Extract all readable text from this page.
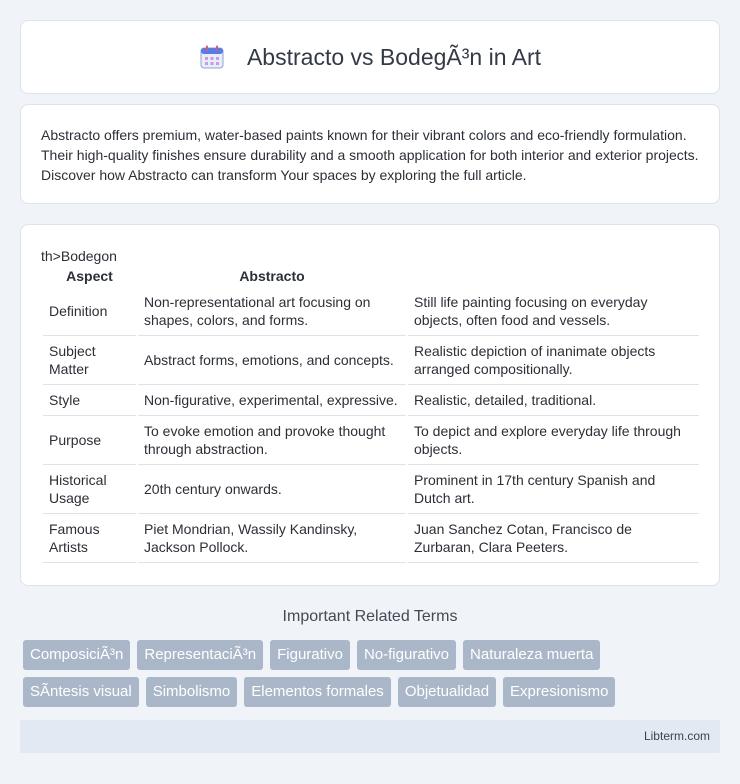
Abstracto vs BodegÃ³n in Art

Abstracto offers premium, water-based paints known for their vibrant colors and eco-friendly formulation. Their high-quality finishes ensure durability and a smooth application for both interior and exterior projects. Discover how Abstracto can transform Your spaces by exploring the full article.

th>Bodegon
Aspect	Abstracto	
Definition	Non-representational art focusing on shapes, colors, and forms.	Still life painting focusing on everyday objects, often food and vessels.
Subject Matter	Abstract forms, emotions, and concepts.	Realistic depiction of inanimate objects arranged compositionally.
Style	Non-figurative, experimental, expressive.	Realistic, detailed, traditional.
Purpose	To evoke emotion and provoke thought through abstraction.	To depict and explore everyday life through objects.
Historical Usage	20th century onwards.	Prominent in 17th century Spanish and Dutch art.
Famous Artists	Piet Mondrian, Wassily Kandinsky, Jackson Pollock.	Juan Sanchez Cotan, Francisco de Zurbaran, Clara Peeters.
Important Related Terms
ComposiciÃ³n	RepresentaciÃ³n	Figurativo	No-figurativo	Naturaleza muerta
SÃntesis visual	Simbolismo	Elementos formales	Objetualidad	Expresionismo
Libterm.com
